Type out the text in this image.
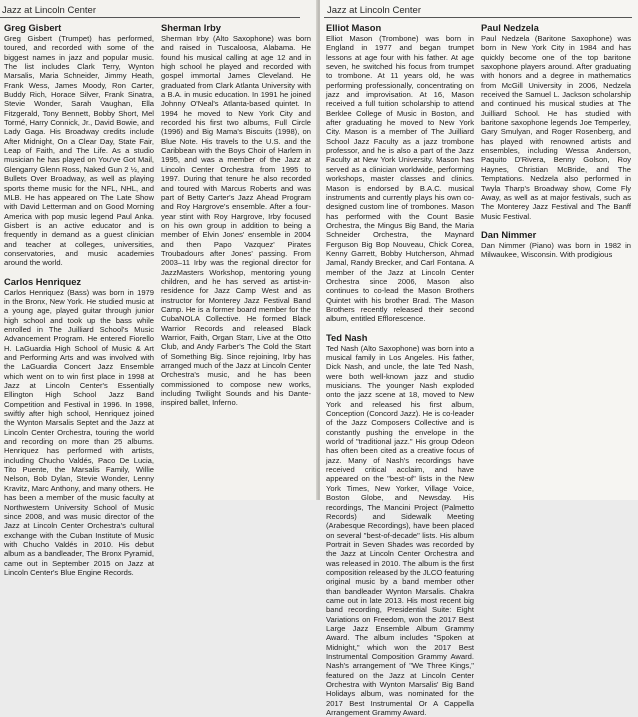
Jazz at Lincoln Center
Greg Gisbert

Greg Gisbert (Trumpet) has performed, toured, and recorded with some of the biggest names in jazz and popular music. The list includes Clark Terry, Wynton Marsalis, Maria Schneider, Jimmy Heath, Frank Wess, James Moody, Ron Carter, Buddy Rich, Horace Silver, Frank Sinatra, Stevie Wonder, Sarah Vaughan, Ella Fitzgerald, Tony Bennett, Bobby Short, Mel Tormé, Harry Connick, Jr., David Bowie, and Lady Gaga. His Broadway credits include After Midnight, On a Clear Day, State Fair, Leap of Faith, and The Life. As a studio musician he has played on You've Got Mail, Glengarry Glenn Ross, Naked Gun 2 ½, and Bullets Over Broadway, as well as playing sports theme music for the NFL, NHL, and MLB. He has appeared on The Late Show with David Letterman and on Good Morning America with pop music legend Paul Anka. Gisbert is an active educator and is frequently in demand as a guest clinician and teacher at colleges, universities, conservatories, and music academies around the world.

Carlos Henriquez

Carlos Henriquez (Bass) was born in 1979 in the Bronx, New York. He studied music at a young age, played guitar through junior high school and took up the bass while enrolled in The Juilliard School's Music Advancement Program. He entered Fiorello H. LaGuardia High School of Music & Art and Performing Arts and was involved with the LaGuardia Concert Jazz Ensemble which went on to win first place in 1998 at Jazz at Lincoln Center's Essentially Ellington High School Jazz Band Competition and Festival in 1996. In 1998, swiftly after high school, Henriquez joined the Wynton Marsalis Septet and the Jazz at Lincoln Center Orchestra, touring the world and recording on more than 25 albums. Henriquez has performed with artists, including Chucho Valdés, Paco De Lucia, Tito Puente, the Marsalis Family, Willie Nelson, Bob Dylan, Stevie Wonder, Lenny Kravitz, Marc Anthony, and many others. He has been a member of the music faculty at Northwestern University School of Music since 2008, and was music director of the Jazz at Lincoln Center Orchestra's cultural exchange with the Cuban Institute of Music with Chucho Valdés in 2010. His debut album as a bandleader, The Bronx Pyramid, came out in September 2015 on Jazz at Lincoln Center's Blue Engine Records.

Sherman Irby

Sherman Irby (Alto Saxophone) was born and raised in Tuscaloosa, Alabama. He found his musical calling at age 12 and in high school he played and recorded with gospel immortal James Cleveland. He graduated from Clark Atlanta University with a B.A. in music education. In 1991 he joined Johnny O'Neal's Atlanta-based quintet. In 1994 he moved to New York City and recorded his first two albums, Full Circle (1996) and Big Mama's Biscuits (1998), on Blue Note. His travels to the U.S. and the Caribbean with the Boys Choir of Harlem in 1995, and was a member of the Jazz at Lincoln Center Orchestra from 1995 to 1997. During that tenure he also recorded and toured with Marcus Roberts and was part of Betty Carter's Jazz Ahead Program and Roy Hargrove's ensemble. After a four-year stint with Roy Hargrove, Irby focused on his own group in addition to being a member of Elvin Jones' ensemble in 2004 and then Papo Vazquez' Pirates Troubadours after Jones' passing. From 2003–11 Irby was the regional director for JazzMasters Workshop, mentoring young children, and he has served as artist-in-residence for Jazz Camp West and as instructor for Monterey Jazz Festival Band Camp. He is a former board member for the CubaNOLA Collective. He formed Black Warrior Records and released Black Warrior, Faith, Organ Starr, Live at the Otto Club, and Andy Farber's The Cold the Start of Something Big. Since rejoining, Irby has arranged much of the Jazz at Lincoln Center Orchestra's music, and he has been commissioned to compose new works, including Twilight Sounds and his Dante-inspired ballet, Inferno.

Jazz at Lincoln Center
Elliot Mason

Elliot Mason (Trombone) was born in England in 1977 and began trumpet lessons at age four with his father. At age seven, he switched his focus from trumpet to trombone. At 11 years old, he was performing professionally, concentrating on jazz and improvisation. At 16, Mason received a full tuition scholarship to attend Berklee College of Music in Boston, and after graduating he moved to New York City. Mason is a member of The Juilliard School Jazz Faculty as a jazz trombone professor, and he is also a part of the Jazz Faculty at New York University. Mason has served as a clinician worldwide, performing workshops, master classes and clinics. Mason is endorsed by B.A.C. musical instruments and currently plays his own co-designed custom line of trombones. Mason has performed with the Count Basie Orchestra, the Mingus Big Band, the Maria Schneider Orchestra, the Maynard Ferguson Big Bop Nouveau, Chick Corea, Kenny Garrett, Bobby Hutcherson, Ahmad Jamal, Randy Brecker, and Carl Fontana. A member of the Jazz at Lincoln Center Orchestra since 2006, Mason also continues to co-lead the Mason Brothers Quintet with his brother Brad. The Mason Brothers recently released their second album, entitled Efflorescence.

Ted Nash

Ted Nash (Alto Saxophone) was born into a musical family in Los Angeles. His father, Dick Nash, and uncle, the late Ted Nash, were both well-known jazz and studio musicians. The younger Nash exploded onto the jazz scene at 18, moved to New York and released his first album, Conception (Concord Jazz). He is co-leader of the Jazz Composers Collective and is constantly pushing the envelope in the world of "traditional jazz." His group Odeon has often been cited as a creative focus of jazz. Many of Nash's recordings have received critical acclaim, and have appeared on the "best-of" lists in the New York Times, New Yorker, Village Voice, Boston Globe, and Newsday. His recordings, The Mancini Project (Palmetto Records) and Sidewalk Meeting (Arabesque Recordings), have been placed on several "best-of-decade" lists. His album Portrait in Seven Shades was recorded by the Jazz at Lincoln Center Orchestra and was released in 2010. The album is the first composition released by the JLCO featuring original music by a band member other than bandleader Wynton Marsalis. Chakra came out in late 2013. His most recent big band recording, Presidential Suite: Eight Variations on Freedom, won the 2017 Best Large Jazz Ensemble Album Grammy Award. The album includes "Spoken at Midnight," which won the 2017 Best Instrumental Composition Grammy Award. Nash's arrangement of "We Three Kings," featured on the Jazz at Lincoln Center Orchestra with Wynton Marsalis' Big Band Holidays album, was nominated for the 2017 Best Instrumental Or A Cappella Arrangement Grammy Award.

Paul Nedzela

Paul Nedzela (Baritone Saxophone) was born in New York City in 1984 and has quickly become one of the top baritone saxophone players around. After graduating with honors and a degree in mathematics from McGill University in 2006, Nedzela received the Samuel L. Jackson scholarship and continued his musical studies at The Juilliard School. He has studied with baritone saxophone legends Joe Temperley, Gary Smulyan, and Roger Rosenberg, and has played with renowned artists and ensembles, including Wessa Anderson, Paquito D'Rivera, Benny Golson, Roy Haynes, Christian McBride, and The Temptations. Nedzela also performed in Twyla Tharp's Broadway show, Come Fly Away, as well as at major festivals, such as The Monterey Jazz Festival and The Banff Music Festival.

Dan Nimmer

Dan Nimmer (Piano) was born in 1982 in Milwaukee, Wisconsin. With prodigious
